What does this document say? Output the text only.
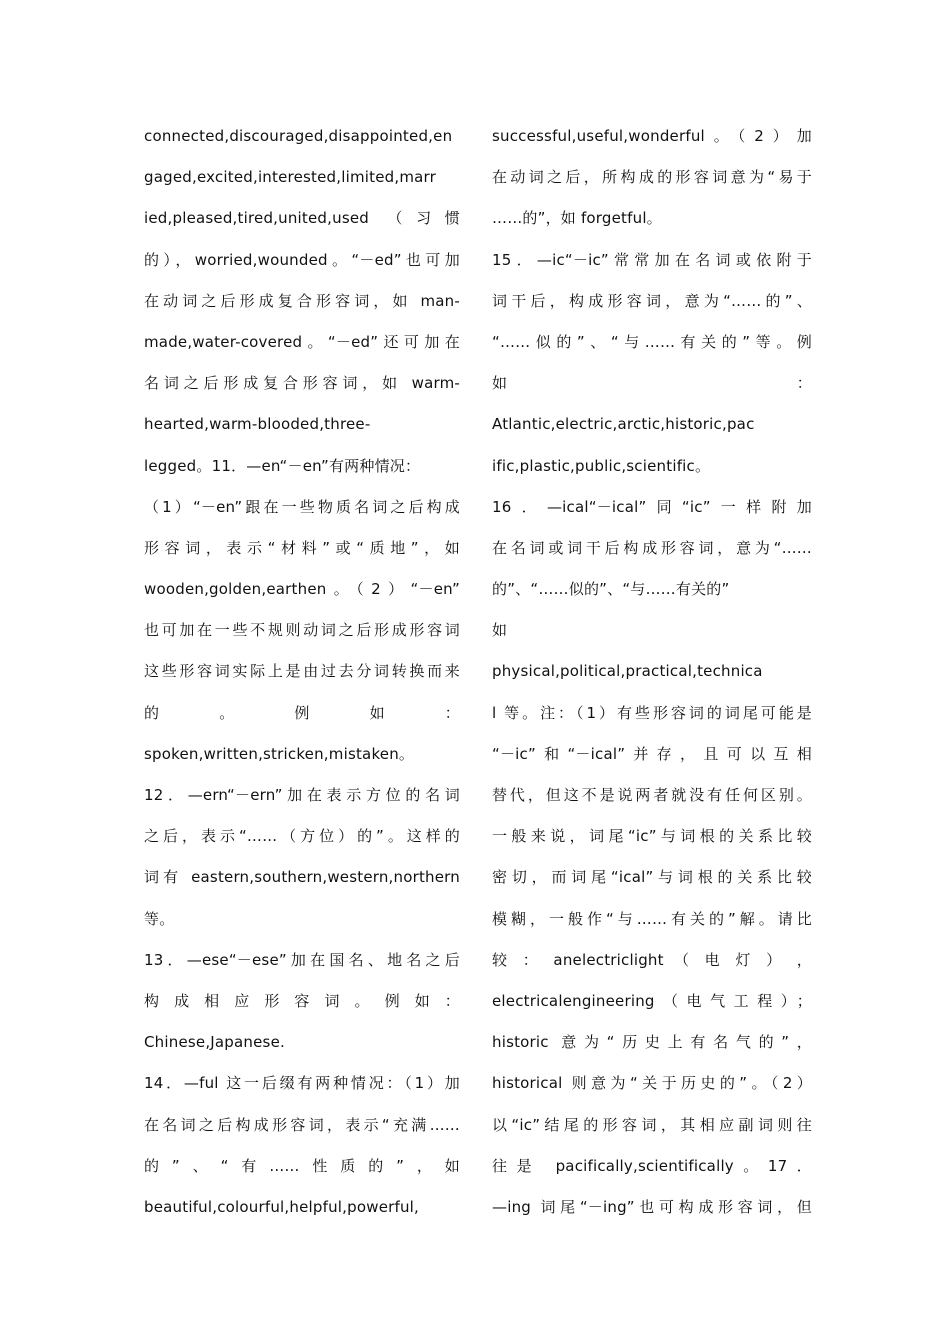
connected,discouraged,disappointed,en
gaged,excited,interested,limited,marr
ied,pleased,tired,united,used （习惯
的），worried,wounded。“－ed”也可加
在动词之后形成复合形容词，如 man-
made,water-covered。“－ed”还可加在
名词之后形成复合形容词，如 warm-
hearted,warm-blooded,three-
legged。11．—en“－en”有两种情况：
（1）“－en”跟在一些物质名词之后构成
形容词，表示“材料”或“质地”，如
wooden,golden,earthen。（2）“－en”
也可加在一些不规则动词之后形成形容词
这些形容词实际上是由过去分词转换而来
的 。 例 如 ：
spoken,written,stricken,mistaken。
12．—ern“－ern”加在表示方位的名词
之后，表示“……（方位）的”。这样的
词有 eastern,southern,western,northern
等。
13．—ese“－ese”加在国名、地名之后
构成相应形容词。例如：
Chinese,Japanese.
14．—ful 这一后缀有两种情况：（1）加
在名词之后构成形容词，表示“充满……
的”、“有……性质的”，如
beautiful,colourful,helpful,powerful,
successful,useful,wonderful。（2）加
在动词之后，所构成的形容词意为“易于
……的”，如 forgetful。
15．—ic“－ic”常常加在名词或依附于
词干后，构成形容词，意为“……的”、
“……似的”、“与……有关的”等。例
如 ：
Atlantic,electric,arctic,historic,pac
ific,plastic,public,scientific。
16．—ical“－ical”同“ic”一样附加
在名词或词干后构成形容词，意为“……
的”、“……似的”、“与……有关的”
如
physical,political,practical,technica
l 等。注：（1）有些形容词的词尾可能是
“－ic”和“－ical”并存，且可以互相
替代，但这不是说两者就没有任何区别。
一般来说，词尾“ic”与词根的关系比较
密切，而词尾“ical”与词根的关系比较
模糊，一般作“与……有关的”解。请比
较 ： anelectriclight （ 电 灯 ） ，
electricalengineering（电气工程）；
historic 意为“历史上有名气的”，
historical 则意为“关于历史的”。（2）
以“ic”结尾的形容词，其相应副词则往
往是 pacifically,scientifically。17．
—ing 词尾“－ing”也可构成形容词，但
